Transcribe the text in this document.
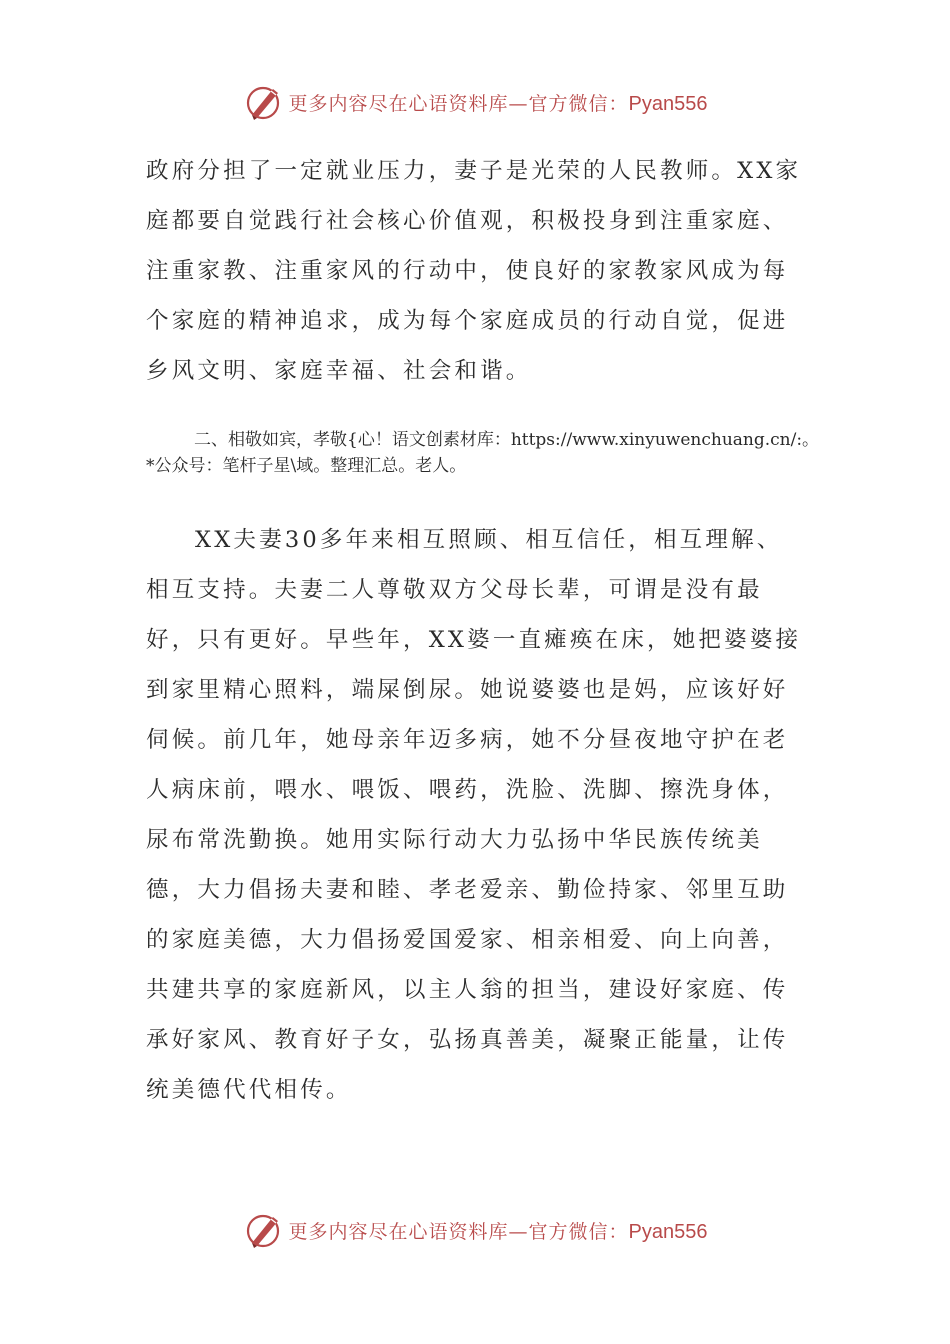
更多内容尽在心语资料库—官方微信：Pyan556

政府分担了一定就业压力，妻子是光荣的人民教师。XX家庭都要自觉践行社会核心价值观，积极投身到注重家庭、注重家教、注重家风的行动中，使良好的家教家风成为每个家庭的精神追求，成为每个家庭成员的行动自觉，促进乡风文明、家庭幸福、社会和谐。

二、相敬如宾，孝敬{心！语文创素材库：https://www.xinyuwenchuang.cn/:。*公众号：笔杆子星\域。整理汇总。老人。

XX夫妻30多年来相互照顾、相互信任，相互理解、相互支持。夫妻二人尊敬双方父母长辈，可谓是没有最好，只有更好。早些年，XX婆一直瘫痪在床，她把婆婆接到家里精心照料，端屎倒尿。她说婆婆也是妈，应该好好伺候。前几年，她母亲年迈多病，她不分昼夜地守护在老人病床前，喂水、喂饭、喂药，洗脸、洗脚、擦洗身体，尿布常洗勤换。她用实际行动大力弘扬中华民族传统美德，大力倡扬夫妻和睦、孝老爱亲、勤俭持家、邻里互助的家庭美德，大力倡扬爱国爱家、相亲相爱、向上向善，共建共享的家庭新风，以主人翁的担当，建设好家庭、传承好家风、教育好子女，弘扬真善美，凝聚正能量，让传统美德代代相传。

更多内容尽在心语资料库—官方微信：Pyan556
